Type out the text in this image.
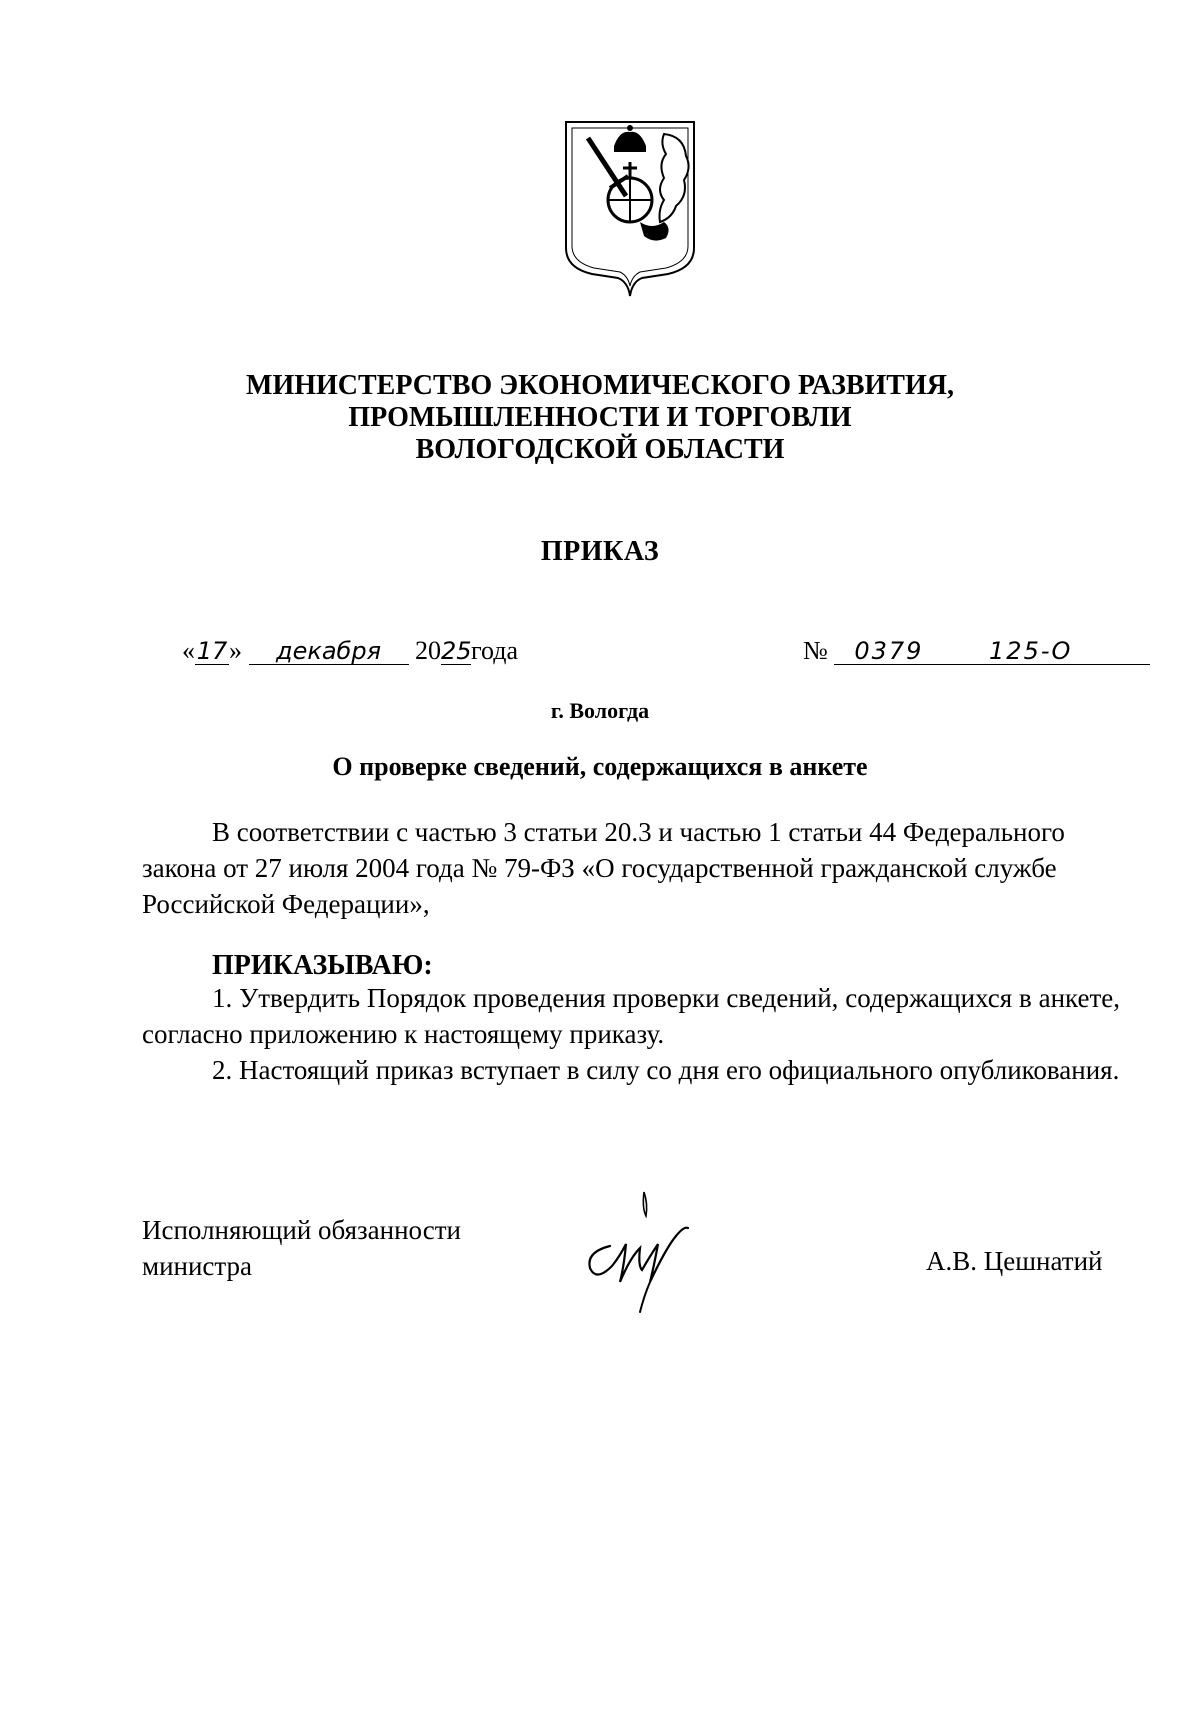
МИНИСТЕРСТВО ЭКОНОМИЧЕСКОГО РАЗВИТИЯ,
ПРОМЫШЛЕННОСТИ И ТОРГОВЛИ
ВОЛОГОДСКОЙ ОБЛАСТИ
ПРИКАЗ
«17» декабря 2025года	№ 0379	125-О
г. Вологда
О проверке сведений, содержащихся в анкете
В соответствии с частью 3 статьи 20.3 и частью 1 статьи 44 Федерального
закона от 27 июля 2004 года № 79-ФЗ «О государственной гражданской службе
Российской Федерации»,
ПРИКАЗЫВАЮ:

1. Утвердить Порядок проведения проверки сведений, содержащихся в анкете, согласно приложению к настоящему приказу.

2. Настоящий приказ вступает в силу со дня его официального опубликования.

Исполняющий обязанности
министра	А.В. Цешнатий
